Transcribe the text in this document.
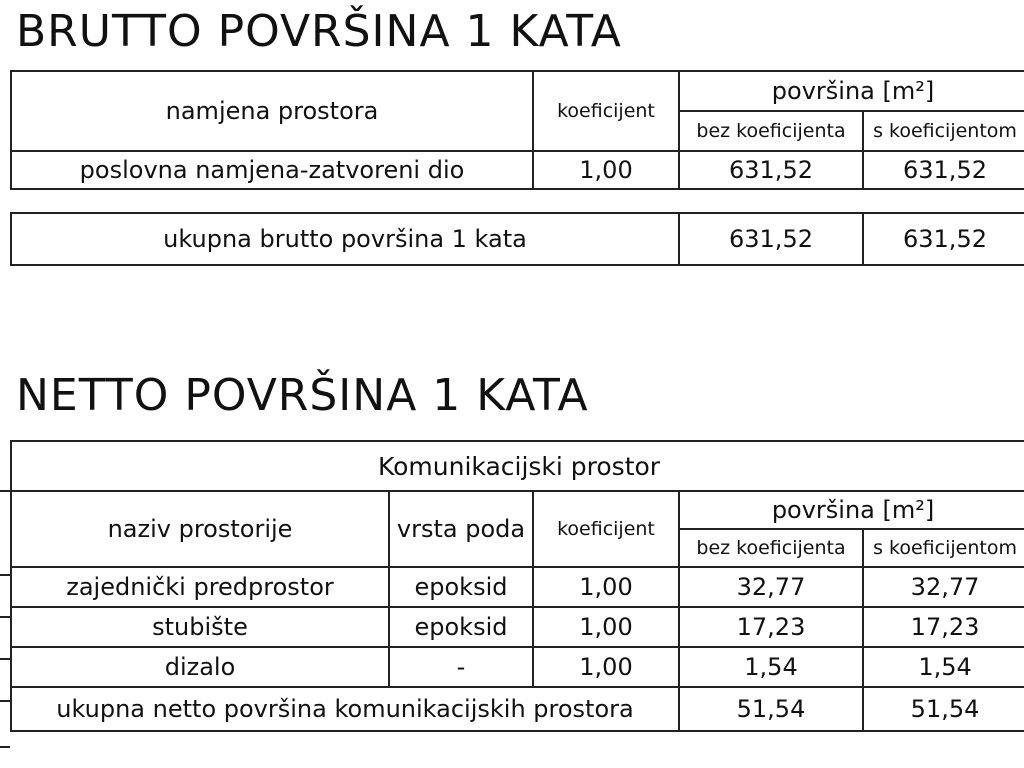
BRUTTO POVRŠINA 1 KATA
namjena prostora	koeficijent	površina [m²]	
		bez koeficijenta	s koeficijentom
poslovna namjena-zatvoreni dio	1,00	631,52	631,52
ukupna brutto površina 1 kata	631,52	631,52
NETTO POVRŠINA 1 KATA
Komunikacijski prostor				
naziv prostorije	vrsta poda	koeficijent	površina [m²]	
			bez koeficijenta	s koeficijentom
zajednički predprostor	epoksid	1,00	32,77	32,77
stubište	epoksid	1,00	17,23	17,23
dizalo	-	1,00	1,54	1,54
ukupna netto površina komunikacijskih prostora			51,54	51,54
